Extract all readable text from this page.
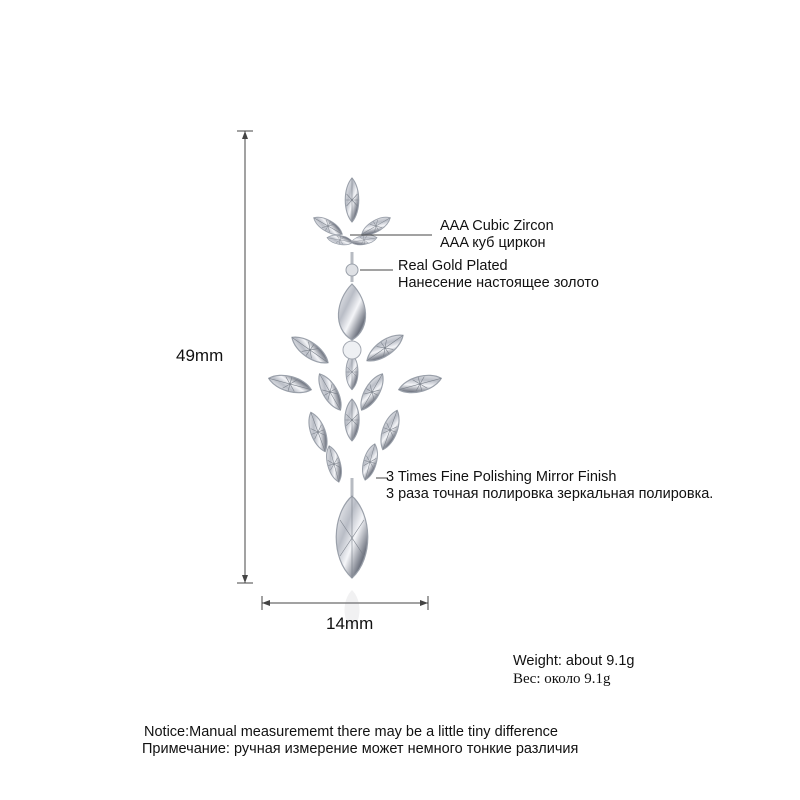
49mm
14mm
AAA Cubic Zircon
AAA куб циркон
Real Gold Plated
Нанесение настоящее золото
3 Times Fine Polishing Mirror Finish
3 раза точная полировка зеркальная полировка.
Weight: about 9.1g
Bec: около 9.1g
Notice:Manual measurememt there may be a little tiny difference
Примечание: ручная измерение может немного тонкие различия
